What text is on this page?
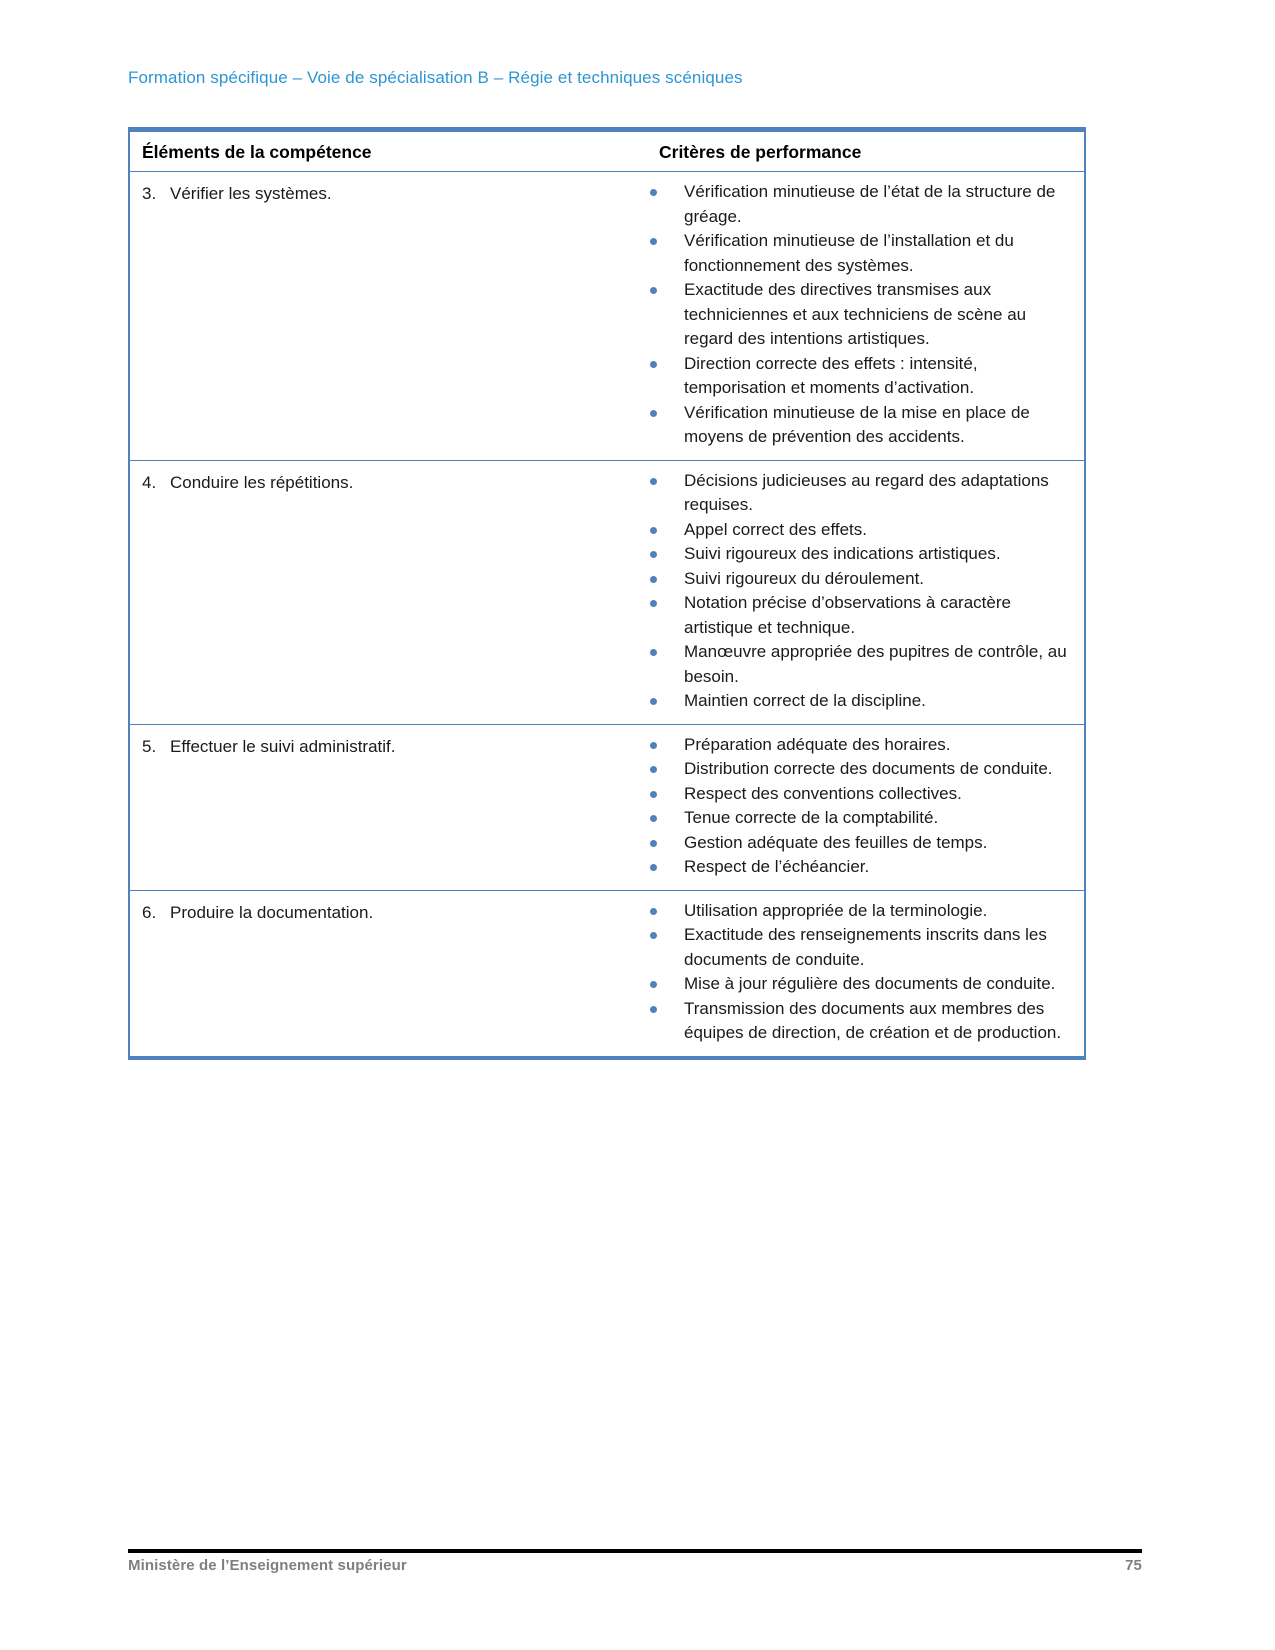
Formation spécifique – Voie de spécialisation B – Régie et techniques scéniques
Éléments de la compétence	Critères de performance
3. Vérifier les systèmes.	Vérification minutieuse de l’état de la structure de gréage.
Vérification minutieuse de l’installation et du fonctionnement des systèmes.
Exactitude des directives transmises aux techniciennes et aux techniciens de scène au regard des intentions artistiques.
Direction correcte des effets : intensité, temporisation et moments d’activation.
Vérification minutieuse de la mise en place de moyens de prévention des accidents.

4. Conduire les répétitions.	Décisions judicieuses au regard des adaptations requises.
Appel correct des effets.
Suivi rigoureux des indications artistiques.
Suivi rigoureux du déroulement.
Notation précise d’observations à caractère artistique et technique.
Manœuvre appropriée des pupitres de contrôle, au besoin.
Maintien correct de la discipline.

5. Effectuer le suivi administratif.	Préparation adéquate des horaires.
Distribution correcte des documents de conduite.
Respect des conventions collectives.
Tenue correcte de la comptabilité.
Gestion adéquate des feuilles de temps.
Respect de l’échéancier.

6. Produire la documentation.	Utilisation appropriée de la terminologie.
Exactitude des renseignements inscrits dans les documents de conduite.
Mise à jour régulière des documents de conduite.
Transmission des documents aux membres des équipes de direction, de création et de production.
Ministère de l’Enseignement supérieur	75
